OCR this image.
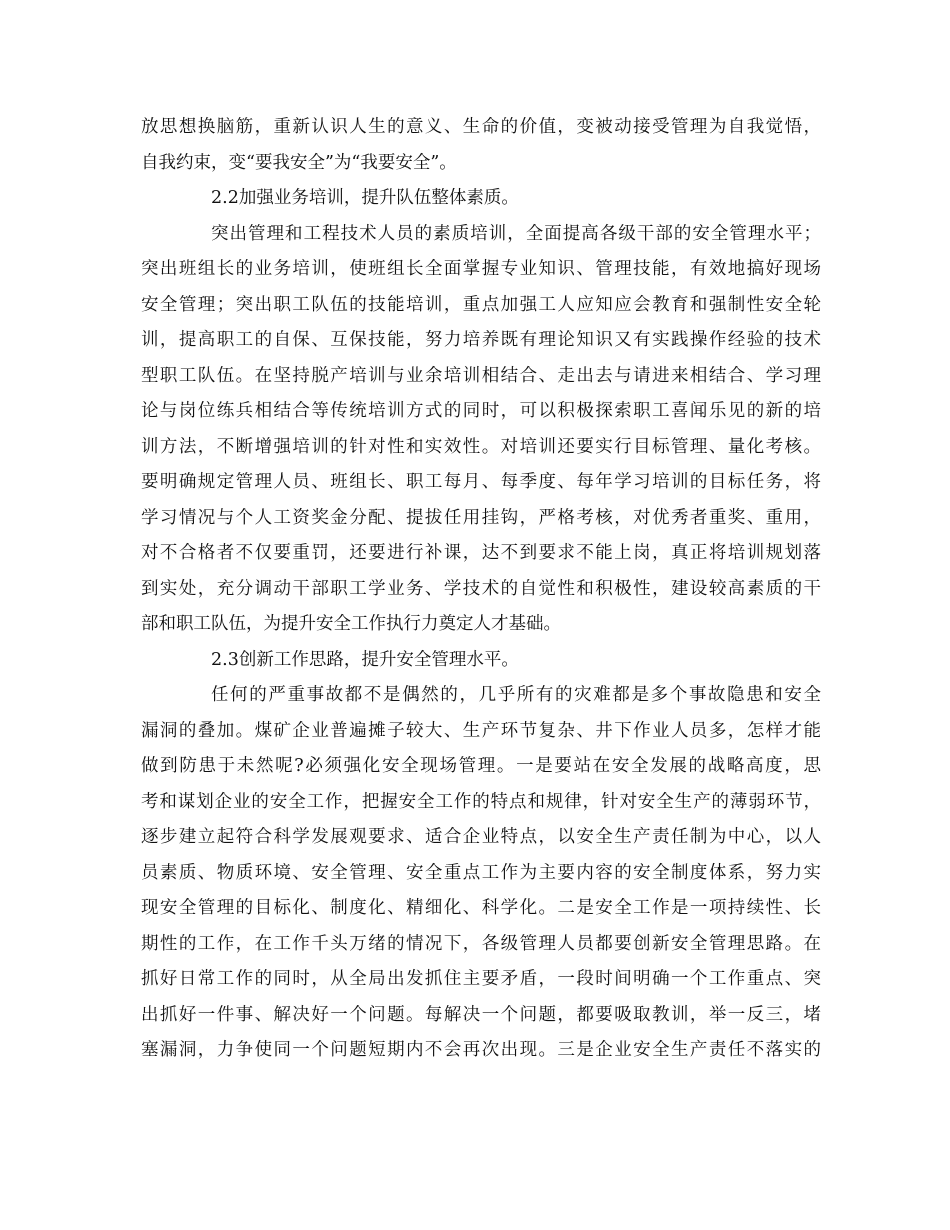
放思想换脑筋，重新认识人生的意义、生命的价值，变被动接受管理为自我觉悟，
自我约束，变“要我安全”为“我要安全”。
2.2加强业务培训，提升队伍整体素质。
突出管理和工程技术人员的素质培训，全面提高各级干部的安全管理水平；
突出班组长的业务培训，使班组长全面掌握专业知识、管理技能，有效地搞好现场
安全管理；突出职工队伍的技能培训，重点加强工人应知应会教育和强制性安全轮
训，提高职工的自保、互保技能，努力培养既有理论知识又有实践操作经验的技术
型职工队伍。在坚持脱产培训与业余培训相结合、走出去与请进来相结合、学习理
论与岗位练兵相结合等传统培训方式的同时，可以积极探索职工喜闻乐见的新的培
训方法，不断增强培训的针对性和实效性。对培训还要实行目标管理、量化考核。
要明确规定管理人员、班组长、职工每月、每季度、每年学习培训的目标任务，将
学习情况与个人工资奖金分配、提拔任用挂钩，严格考核，对优秀者重奖、重用，
对不合格者不仅要重罚，还要进行补课，达不到要求不能上岗，真正将培训规划落
到实处，充分调动干部职工学业务、学技术的自觉性和积极性，建设较高素质的干
部和职工队伍，为提升安全工作执行力奠定人才基础。
2.3创新工作思路，提升安全管理水平。
任何的严重事故都不是偶然的，几乎所有的灾难都是多个事故隐患和安全
漏洞的叠加。煤矿企业普遍摊子较大、生产环节复杂、井下作业人员多，怎样才能
做到防患于未然呢?必须强化安全现场管理。一是要站在安全发展的战略高度，思
考和谋划企业的安全工作，把握安全工作的特点和规律，针对安全生产的薄弱环节，
逐步建立起符合科学发展观要求、适合企业特点，以安全生产责任制为中心，以人
员素质、物质环境、安全管理、安全重点工作为主要内容的安全制度体系，努力实
现安全管理的目标化、制度化、精细化、科学化。二是安全工作是一项持续性、长
期性的工作，在工作千头万绪的情况下，各级管理人员都要创新安全管理思路。在
抓好日常工作的同时，从全局出发抓住主要矛盾，一段时间明确一个工作重点、突
出抓好一件事、解决好一个问题。每解决一个问题，都要吸取教训，举一反三，堵
塞漏洞，力争使同一个问题短期内不会再次出现。三是企业安全生产责任不落实的
